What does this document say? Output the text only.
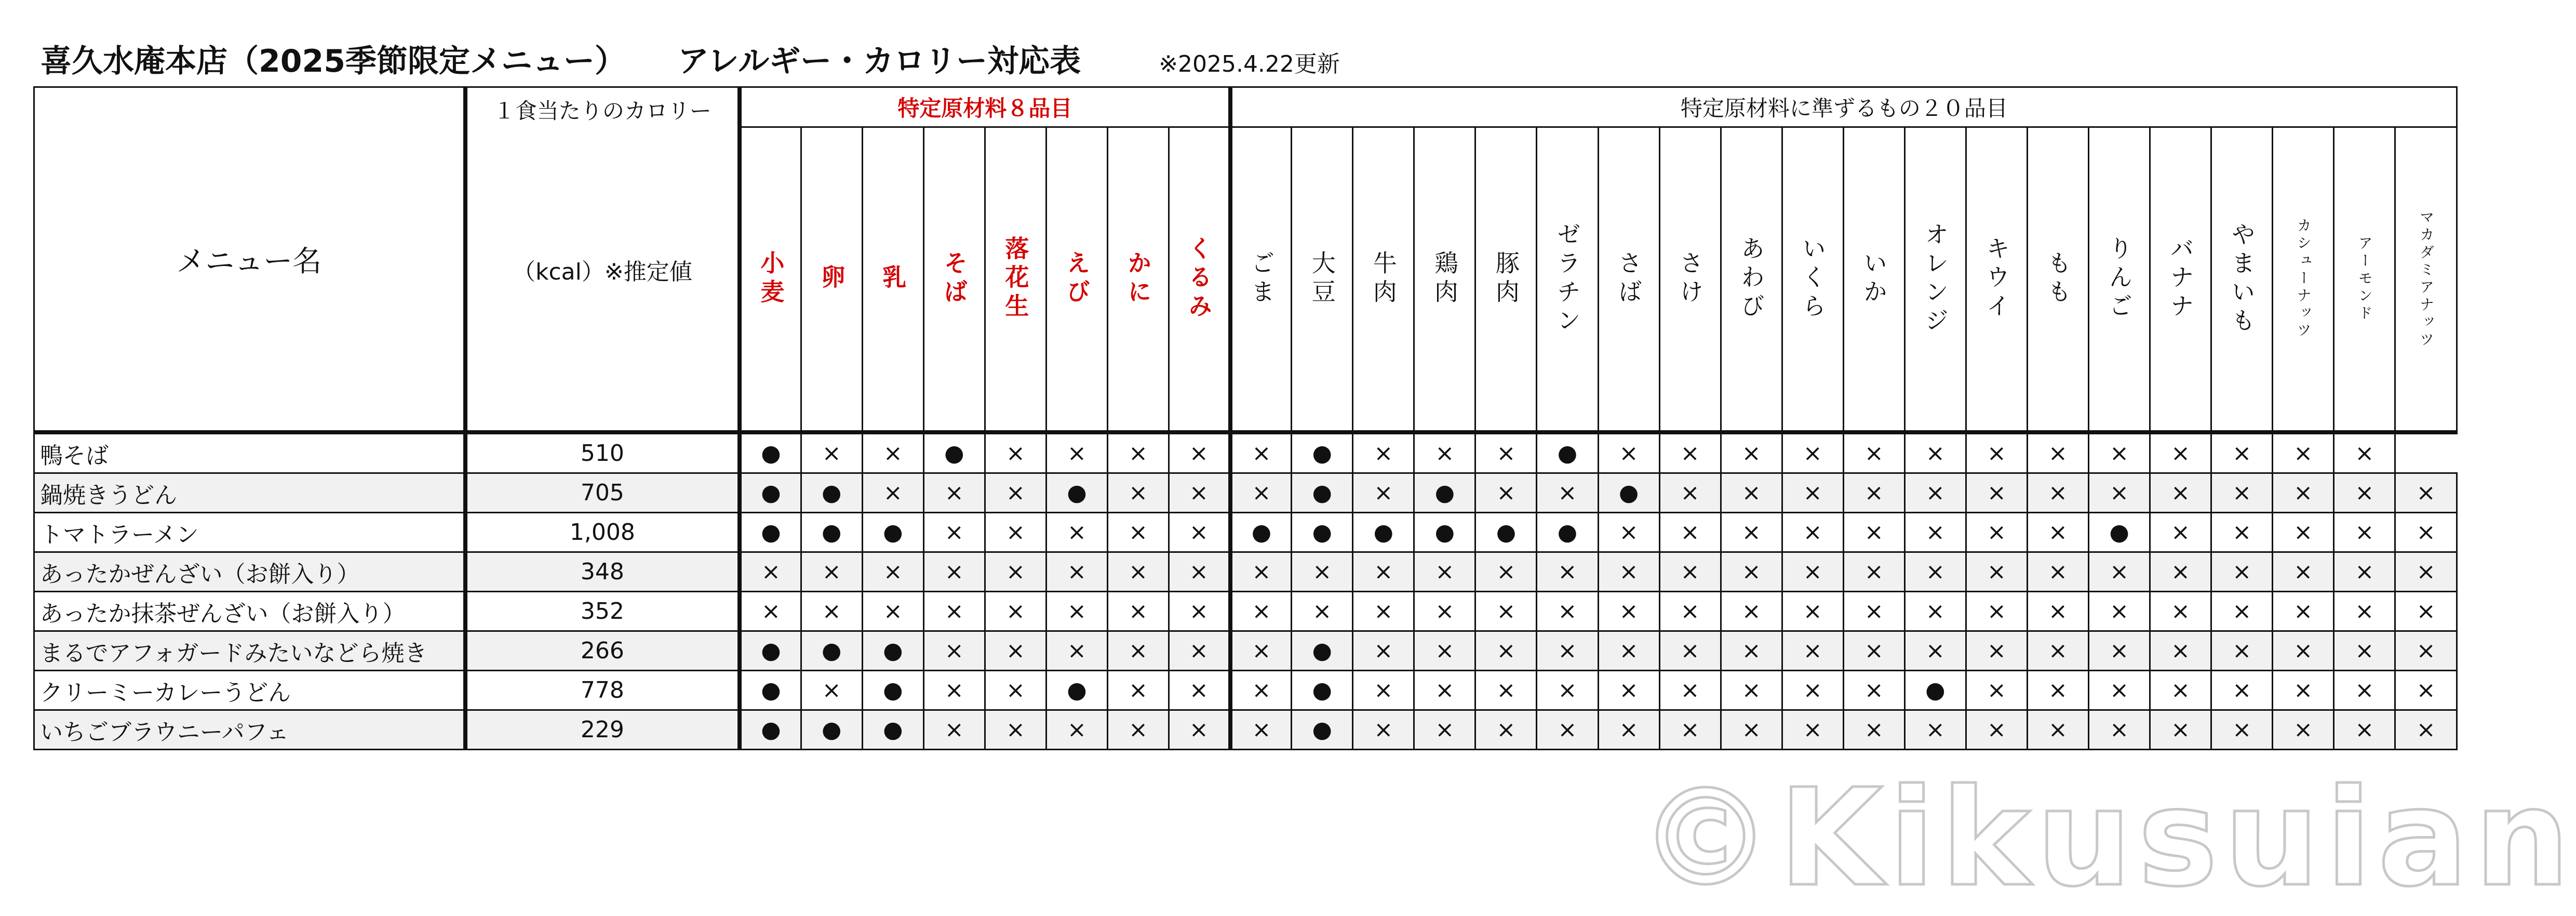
喜久水庵本店（2025季節限定メニュー） アレルギー・カロリー対応表	※2025.4.22更新
メニュー名	１食当たりのカロリー
（kcal）※推定値	特定原材料８品目								特定原材料に準ずるもの２０品目																			

		小麦	卵	乳	そば	落花生	えび	かに	くるみ	ごま	大豆	牛肉	鶏肉	豚肉	ゼラチン	さば	さけ	あわび	いくら	いか	オレンジ	キウイ	もも	りんご	バナナ	やまいも	カシューナッツ	アーモンド	マカダミアナッツ

鴨そば	510	●	×	×	●	×	×	×	×	×	●	×	×	×	●	×	×	×	×	×	×	×	×	×	×	×	×	×	
鍋焼きうどん	705	●	●	×	×	×	●	×	×	×	●	×	●	×	×	●	×	×	×	×	×	×	×	×	×	×	×	×	×
トマトラーメン	1,008	●	●	●	×	×	×	×	×	●	●	●	●	●	●	×	×	×	×	×	×	×	×	●	×	×	×	×	×
あったかぜんざい（お餅入り）	348	×	×	×	×	×	×	×	×	×	×	×	×	×	×	×	×	×	×	×	×	×	×	×	×	×	×	×	×
あったか抹茶ぜんざい（お餅入り）	352	×	×	×	×	×	×	×	×	×	×	×	×	×	×	×	×	×	×	×	×	×	×	×	×	×	×	×	×
まるでアフォガードみたいなどら焼き	266	●	●	●	×	×	×	×	×	×	●	×	×	×	×	×	×	×	×	×	×	×	×	×	×	×	×	×	×
クリーミーカレーうどん	778	●	×	●	×	×	●	×	×	×	●	×	×	×	×	×	×	×	×	×	●	×	×	×	×	×	×	×	×
いちごブラウニーパフェ	229	●	●	●	×	×	×	×	×	×	●	×	×	×	×	×	×	×	×	×	×	×	×	×	×	×	×	×	×
©Kikusuian
